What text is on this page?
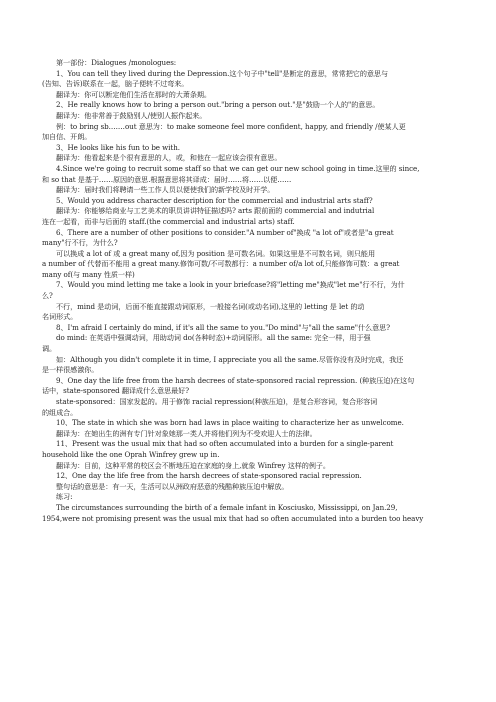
第一部份：Dialogues /monologues:
1、You can tell they lived during the Depression.这个句子中"tell"是断定的意思，常常把它的意思与
(告知、告诉)联系在一起，脑子便转不过弯来。
翻译为：你可以断定他们生活在那时的大萧条期。
2、He really knows how to bring a person out."bring a person out."是"鼓励一个人的"的意思。
翻译为：他非常善于鼓励别人/使别人振作起来。
例：to bring sb.……out 意思为：to make someone feel more confident, happy, and friendly /使某人更
加自信、开朗。
3、He looks like his fun to be with.
翻译为：他看起来是个很有意思的人，或，和他在一起应该会很有意思。
4.Since we're going to recruit some staff so that we can get our new school going in time.这里的 since,
和 so that 是基于……原因的意思.根据意思将其译成：届时……将……以便……
翻译为：届时我们将聘请一些工作人员以便使我们的新学校及时开学。
5、Would you address character description for the commercial and industrial arts staff?
翻译为：你能够给商业与工艺美术的职员讲讲特征描述吗? arts 跟前面的 commercial and indutrial
连在一起看，而非与后面的 staff.(the commercial and industrial arts) staff.
6、There are a number of other positions to consider."A number of"换成 "a lot of"或者是"a great
many"行不行，为什么?
可以换成 a lot of 或 a great many of,因为 position 是可数名词。如果这里是不可数名词，则只能用
a number of 代替而不能用 a great many.修饰可数/不可数都行：a number of/a lot of,只能修饰可数：a great
many of(与 many 性质一样)
7、Would you mind letting me take a look in your briefcase?将"letting me"换成"let me"行不行，为什
么?
不行，mind 是动词，后面不能直接跟动词原形，一般接名词(或动名词),这里的 letting 是 let 的动
名词形式。
8、I'm afraid I certainly do mind, if it's all the same to you."Do mind"与"all the same"什么意思?
do mind: 在英语中强调动词，用助动词 do(各种时态)+动词原形。all the same: 完全一样，用于强
调。
如：Although you didn't complete it in time, I appreciate you all the same.尽管你没有及时完成，我还
是一样很感激你。
9、One day the life free from the harsh decrees of state-sponsored racial repression. (种族压迫)在这句
话中，state-sponsored 翻译成什么意思最好?
state-sponsored：国家发起的。用于修饰 racial repression(种族压迫)，是复合形容词，复合形容词
的组成合。
10、The state in which she was born had laws in place waiting to characterize her as unwelcome.
翻译为：在她出生的洲有专门针对象她那一类人并将他们列为不受欢迎人士的法律。
11、Present was the usual mix that had so often accumulated into a burden for a single-parent
household like the one Oprah Winfrey grew up in.
翻译为：目前，这种平常的校区会不断地压迫在家庭的身上,就象 Winfrey 这样的例子。
12、One day the life free from the harsh decrees of state-sponsored racial repression.
整句话的意思是：有一天，生活可以从洲政府恶意的残酷种族压迫中解放。
练习:
The circumstances surrounding the birth of a female infant in Kosciusko, Mississippi, on Jan.29,
1954,were not promising present was the usual mix that had so often accumulated into a burden too heavy
